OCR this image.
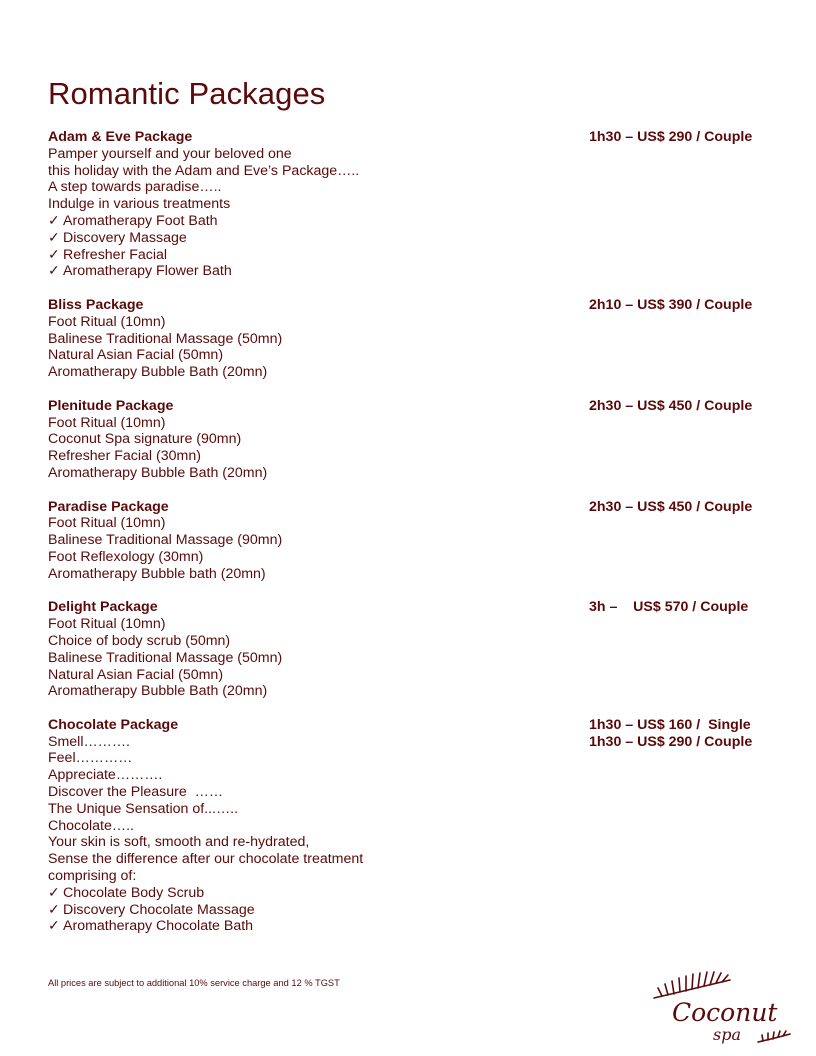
Romantic Packages
Adam & Eve Package	1h30 – US$ 290 / Couple
Pamper yourself and your beloved one
this holiday with the Adam and Eve’s Package…..
A step towards paradise…..
Indulge in various treatments
✓ Aromatherapy Foot Bath
✓ Discovery Massage
✓ Refresher Facial
✓ Aromatherapy Flower Bath
Bliss Package	2h10 – US$ 390 / Couple
Foot Ritual (10mn)
Balinese Traditional Massage (50mn)
Natural Asian Facial (50mn)
Aromatherapy Bubble Bath (20mn)
Plenitude Package	2h30 – US$ 450 / Couple
Foot Ritual (10mn)
Coconut Spa signature (90mn)
Refresher Facial (30mn)
Aromatherapy Bubble Bath (20mn)
Paradise Package	2h30 – US$ 450 / Couple
Foot Ritual (10mn)
Balinese Traditional Massage (90mn)
Foot Reflexology (30mn)
Aromatherapy Bubble bath (20mn)
Delight Package	3h –    US$ 570 / Couple
Foot Ritual (10mn)
Choice of body scrub (50mn)
Balinese Traditional Massage (50mn)
Natural Asian Facial (50mn)
Aromatherapy Bubble Bath (20mn)
Chocolate Package	1h30 – US$ 160 /  Single
1h30 – US$ 290 / Couple
Smell……….
Feel…………
Appreciate……….
Discover the Pleasure  ……
The Unique Sensation of...…..
Chocolate…..
Your skin is soft, smooth and re-hydrated,
Sense the difference after our chocolate treatment
comprising of:
✓ Chocolate Body Scrub
✓ Discovery Chocolate Massage
✓ Aromatherapy Chocolate Bath
All prices are subject to additional 10% service charge and 12 % TGST
Coconut
spa
